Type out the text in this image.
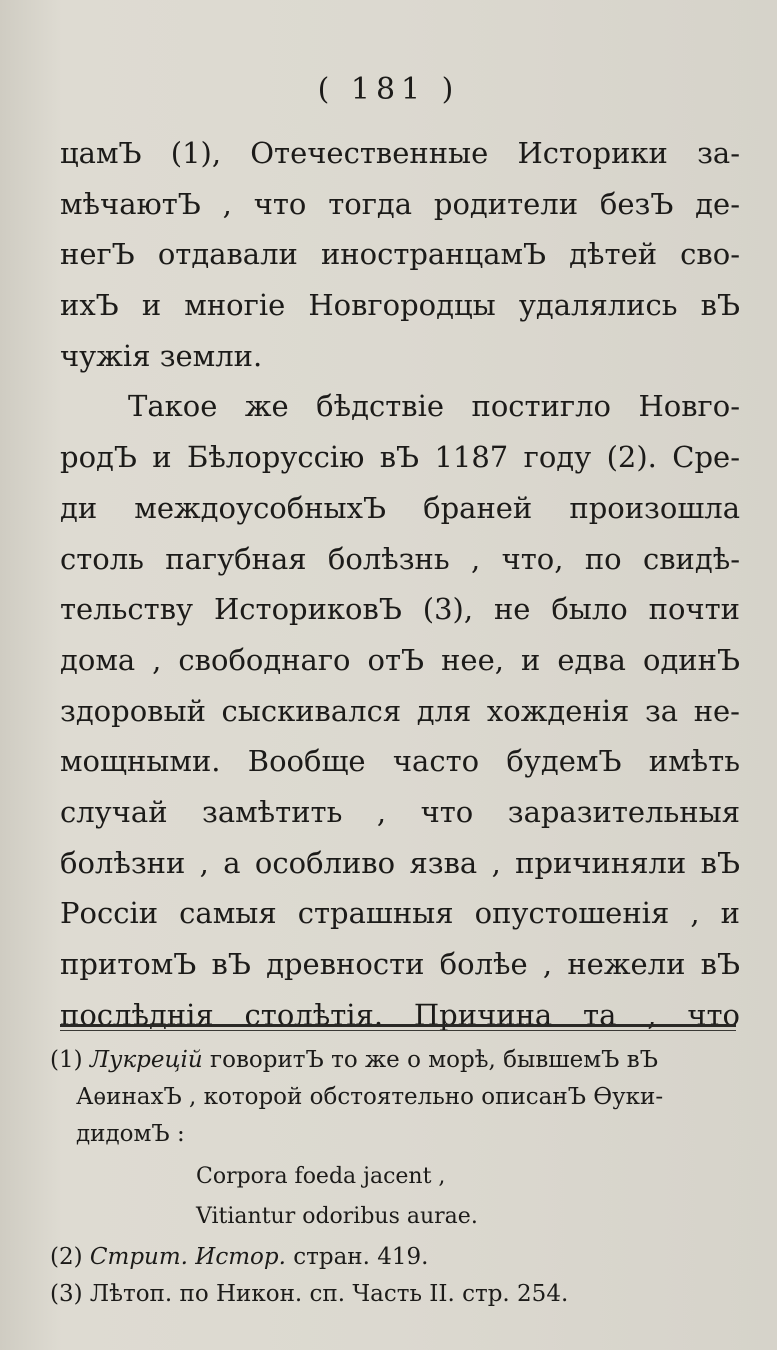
( 181 )
цамЪ (1), Отечественные Историки за-
мѣчаютЪ , что тогда родители безЪ де-
негЪ отдавали иностранцамЪ дѣтей сво-
ихЪ и многіе Новгородцы удалялись вЪ
чужія земли.
Такое же бѣдствіе постигло Новго-
родЪ и Бѣлоруссію вЪ 1187 году (2). Сре-
ди междоусобныхЪ браней произошла
столь пагубная болѣзнь , что, по свидѣ-
тельству ИсториковЪ (3), не было почти
дома , свободнаго отЪ нее, и едва одинЪ
здоровый сыскивался для хожденія за не-
мощными. Вообще часто будемЪ имѣть
случай замѣтить , что заразительныя
болѣзни , а особливо язва , причиняли вЪ
Россіи самыя страшныя опустошенія , и
притомЪ вЪ древности болѣе , нежели вЪ
послѣднія столѣтія. Причина та , что
(1) Лукрецій говоритЪ то же о морѣ, бывшемЪ вЪ
АѳинахЪ , которой обстоятельно описанЪ Ѳуки-
дидомЪ :
Corpora foeda jacent ,
Vitiantur odoribus aurae.
(2) Стрит. Истор. стран. 419.
(3) Лѣтоп. по Никон. сп. Часть II. стр. 254.
